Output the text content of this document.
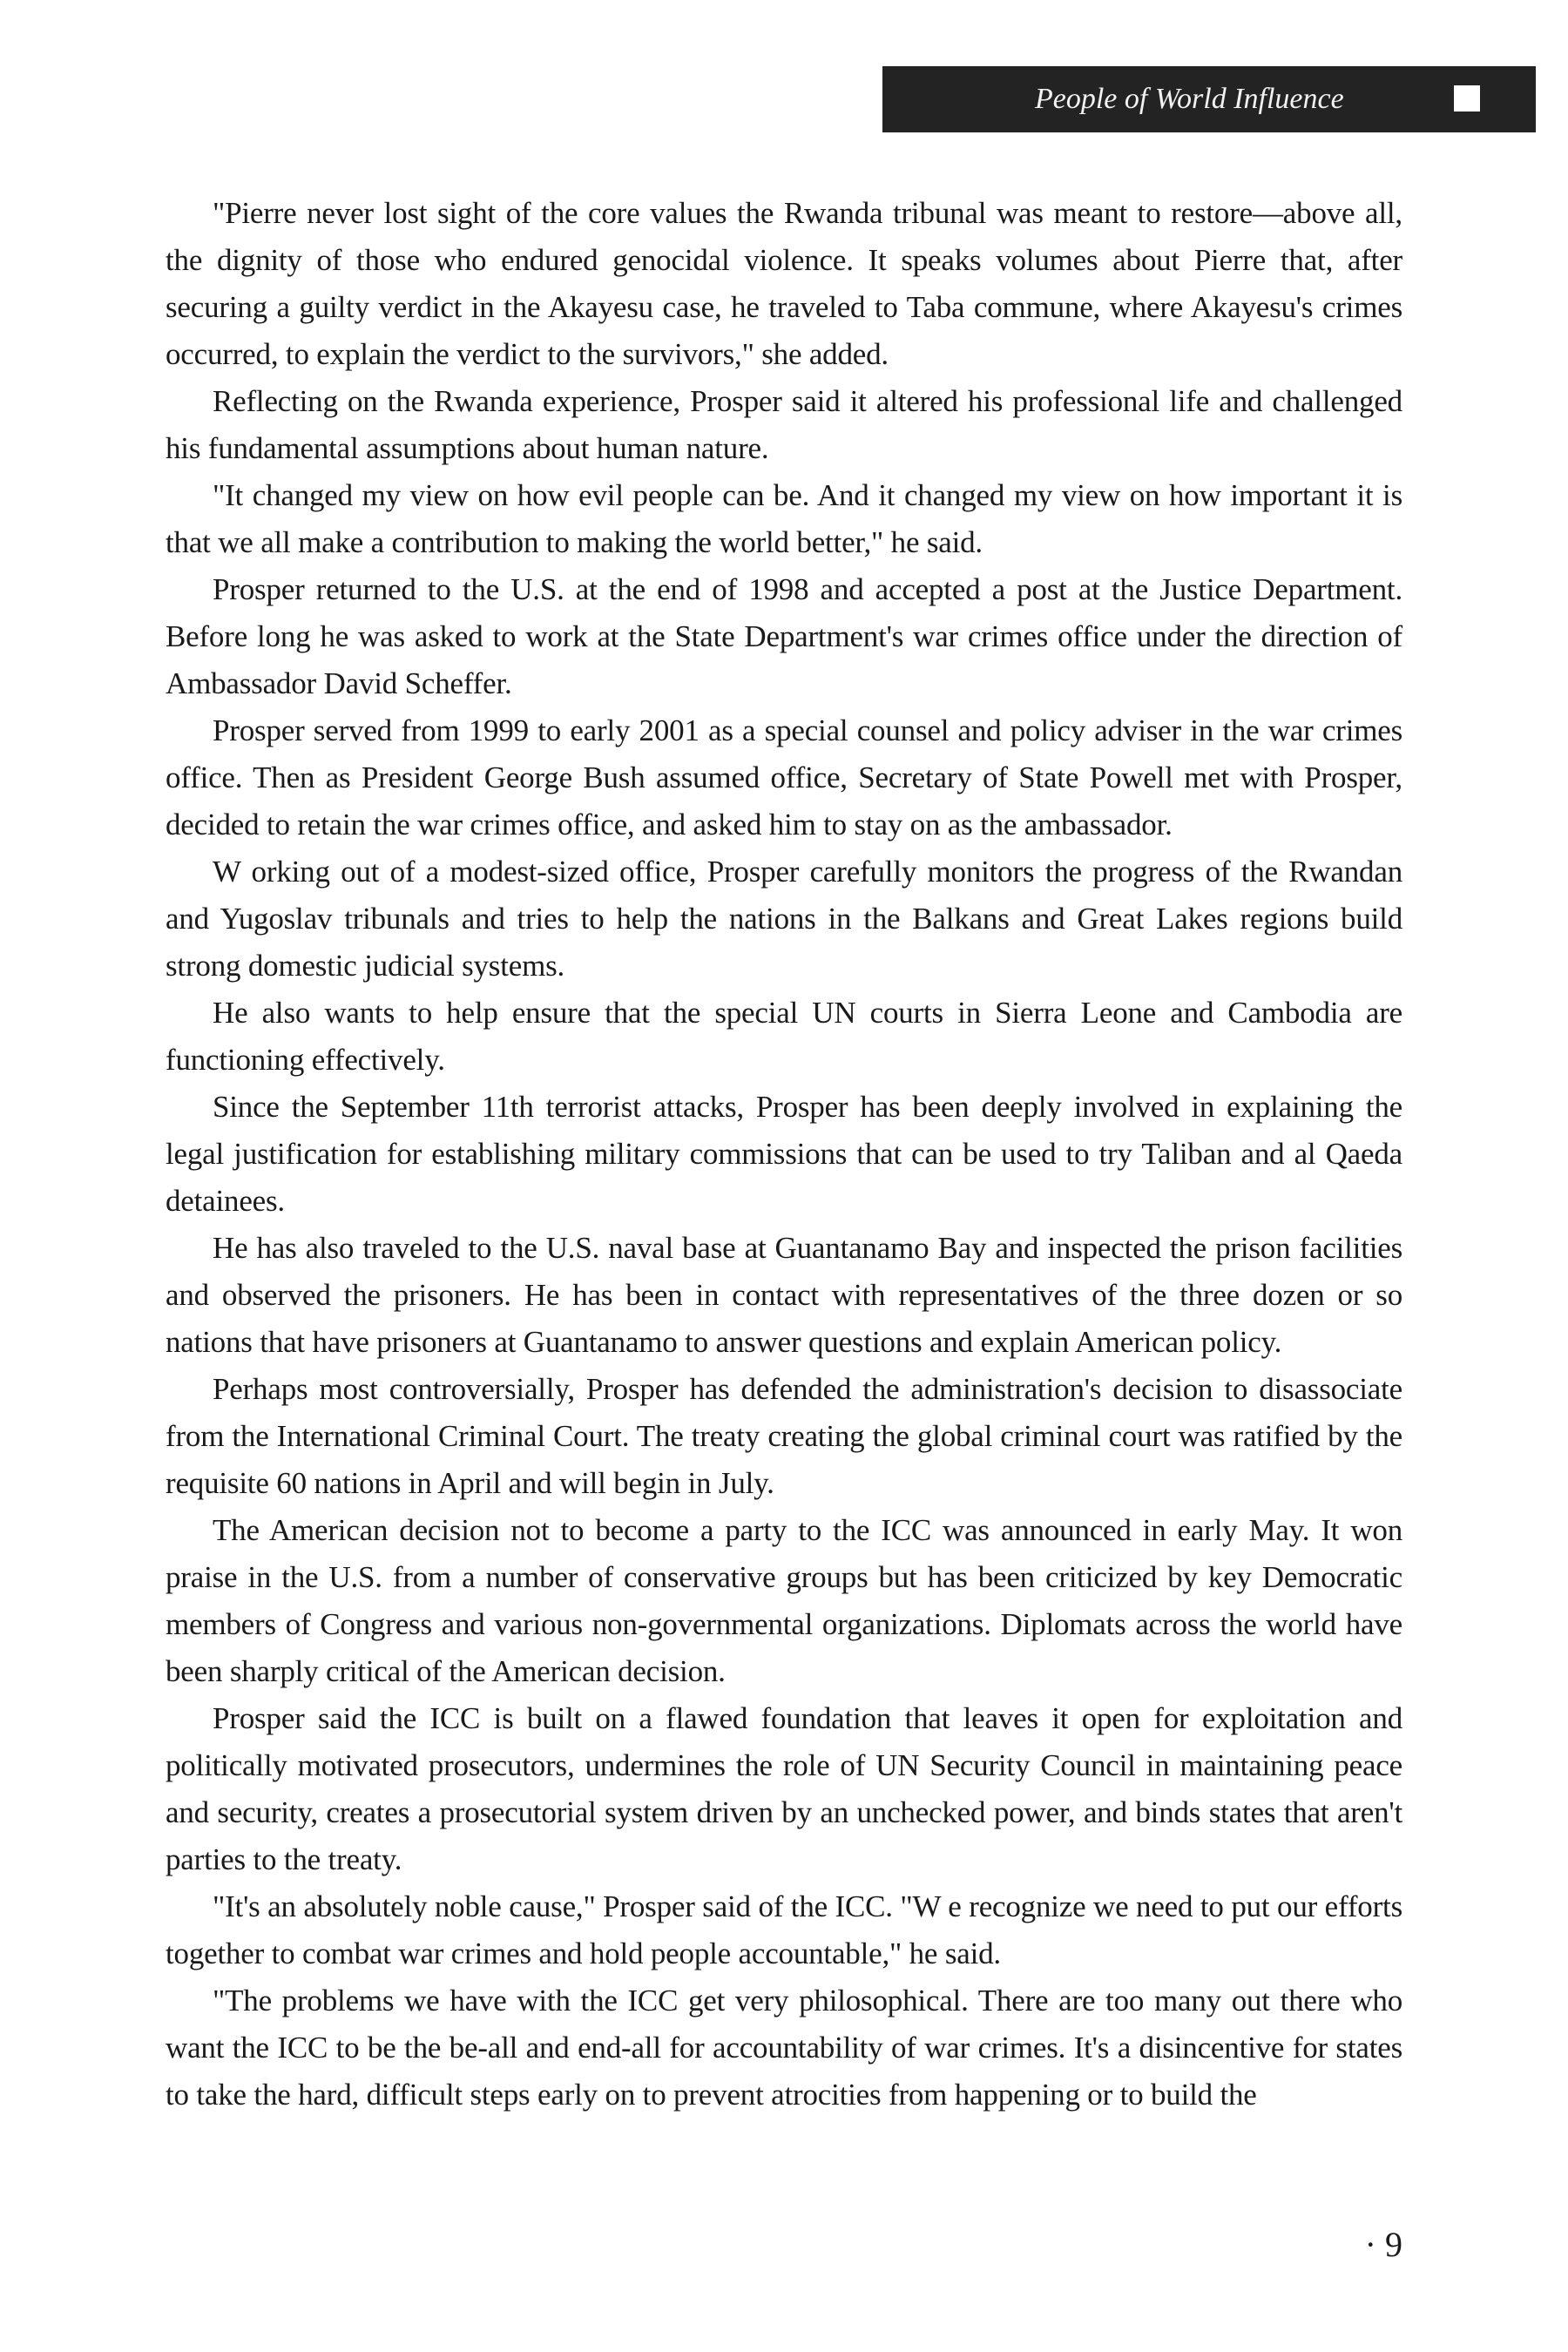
People of World Influence

"Pierre never lost sight of the core values the Rwanda tribunal was meant to restore—above all, the dignity of those who endured genocidal violence. It speaks volumes about Pierre that, after securing a guilty verdict in the Akayesu case, he traveled to Taba commune, where Akayesu's crimes occurred, to explain the verdict to the survivors," she added.

Reflecting on the Rwanda experience, Prosper said it altered his professional life and challenged his fundamental assumptions about human nature.

"It changed my view on how evil people can be. And it changed my view on how important it is that we all make a contribution to making the world better," he said.

Prosper returned to the U.S. at the end of 1998 and accepted a post at the Justice Department. Before long he was asked to work at the State Department's war crimes office under the direction of Ambassador David Scheffer.

Prosper served from 1999 to early 2001 as a special counsel and policy adviser in the war crimes office. Then as President George Bush assumed office, Secretary of State Powell met with Prosper, decided to retain the war crimes office, and asked him to stay on as the ambassador.

W orking out of a modest-sized office, Prosper carefully monitors the progress of the Rwandan and Yugoslav tribunals and tries to help the nations in the Balkans and Great Lakes regions build strong domestic judicial systems.

He also wants to help ensure that the special UN courts in Sierra Leone and Cambodia are functioning effectively.

Since the September 11th terrorist attacks, Prosper has been deeply involved in explaining the legal justification for establishing military commissions that can be used to try Taliban and al Qaeda detainees.

He has also traveled to the U.S. naval base at Guantanamo Bay and inspected the prison facilities and observed the prisoners. He has been in contact with representatives of the three dozen or so nations that have prisoners at Guantanamo to answer questions and explain American policy.

Perhaps most controversially, Prosper has defended the administration's decision to disassociate from the International Criminal Court. The treaty creating the global criminal court was ratified by the requisite 60 nations in April and will begin in July.

The American decision not to become a party to the ICC was announced in early May. It won praise in the U.S. from a number of conservative groups but has been criticized by key Democratic members of Congress and various non-governmental organizations. Diplomats across the world have been sharply critical of the American decision.

Prosper said the ICC is built on a flawed foundation that leaves it open for exploitation and politically motivated prosecutors, undermines the role of UN Security Council in maintaining peace and security, creates a prosecutorial system driven by an unchecked power, and binds states that aren't parties to the treaty.

"It's an absolutely noble cause," Prosper said of the ICC. "W e recognize we need to put our efforts together to combat war crimes and hold people accountable," he said.

"The problems we have with the ICC get very philosophical. There are too many out there who want the ICC to be the be-all and end-all for accountability of war crimes. It's a disincentive for states to take the hard, difficult steps early on to prevent atrocities from happening or to build the

· 9
